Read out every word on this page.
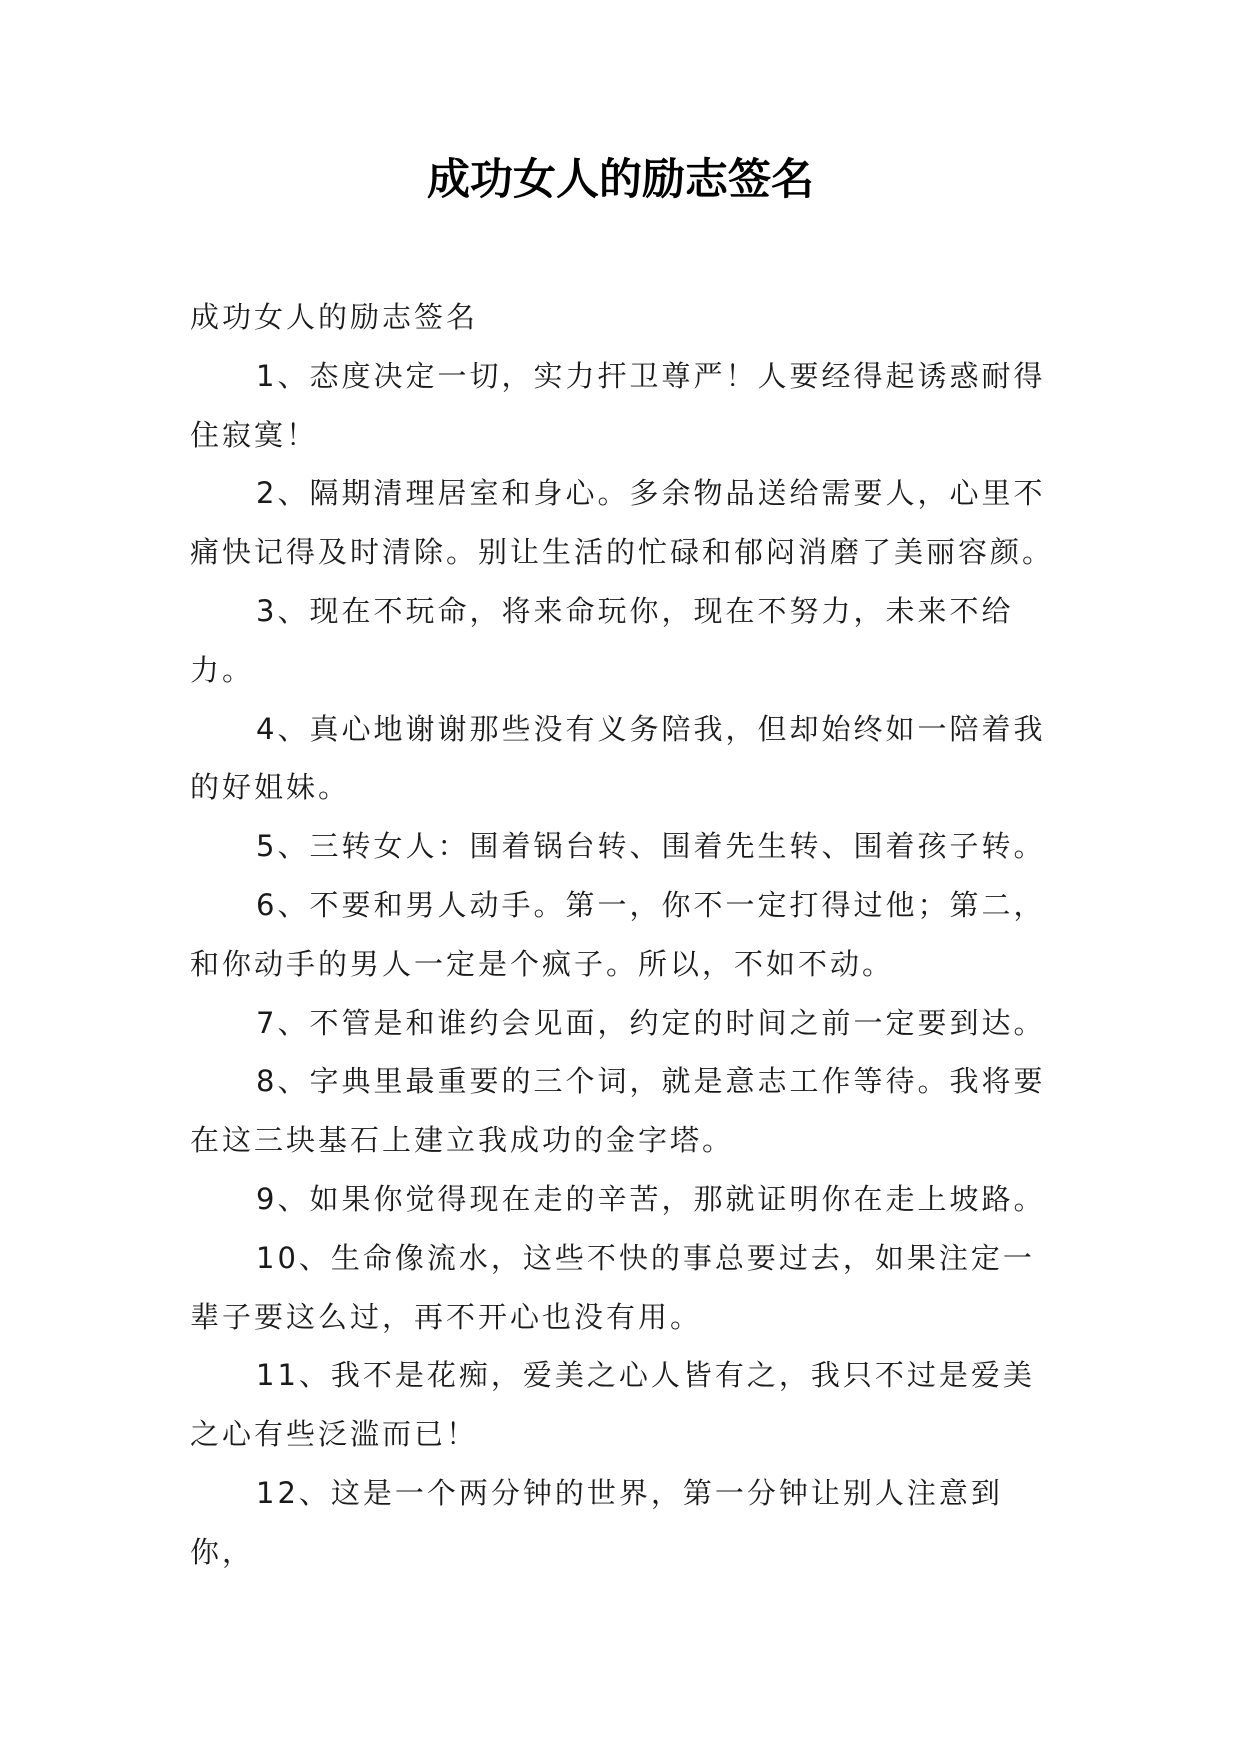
成功女人的励志签名

成功女人的励志签名

1、态度决定一切，实力扞卫尊严！人要经得起诱惑耐得住寂寞！

2、隔期清理居室和身心。多余物品送给需要人，心里不痛快记得及时清除。别让生活的忙碌和郁闷消磨了美丽容颜。

3、现在不玩命，将来命玩你，现在不努力，未来不给力。

4、真心地谢谢那些没有义务陪我，但却始终如一陪着我的好姐妹。

5、三转女人：围着锅台转、围着先生转、围着孩子转。

6、不要和男人动手。第一，你不一定打得过他；第二，和你动手的男人一定是个疯子。所以，不如不动。

7、不管是和谁约会见面，约定的时间之前一定要到达。

8、字典里最重要的三个词，就是意志工作等待。我将要在这三块基石上建立我成功的金字塔。

9、如果你觉得现在走的辛苦，那就证明你在走上坡路。

10、生命像流水，这些不快的事总要过去，如果注定一辈子要这么过，再不开心也没有用。

11、我不是花痴，爱美之心人皆有之，我只不过是爱美之心有些泛滥而已！

12、这是一个两分钟的世界，第一分钟让别人注意到你，
